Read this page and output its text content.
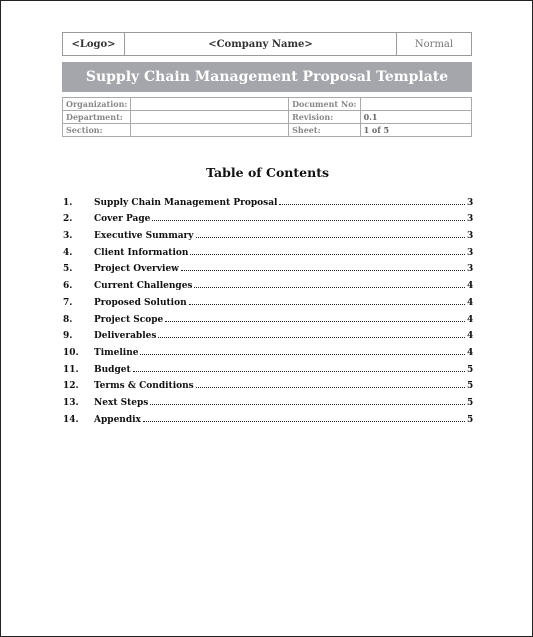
<Logo>	<Company Name>	Normal
Supply Chain Management Proposal Template
Organization:		Document No:	
Department:		Revision:	0.1
Section:		Sheet:	1 of 5
Table of Contents
1.	Supply Chain Management Proposal	3
2.	Cover Page	3
3.	Executive Summary	3
4.	Client Information	3
5.	Project Overview	3
6.	Current Challenges	4
7.	Proposed Solution	4
8.	Project Scope	4
9.	Deliverables	4
10.	Timeline	4
11.	Budget	5
12.	Terms & Conditions	5
13.	Next Steps	5
14.	Appendix	5
